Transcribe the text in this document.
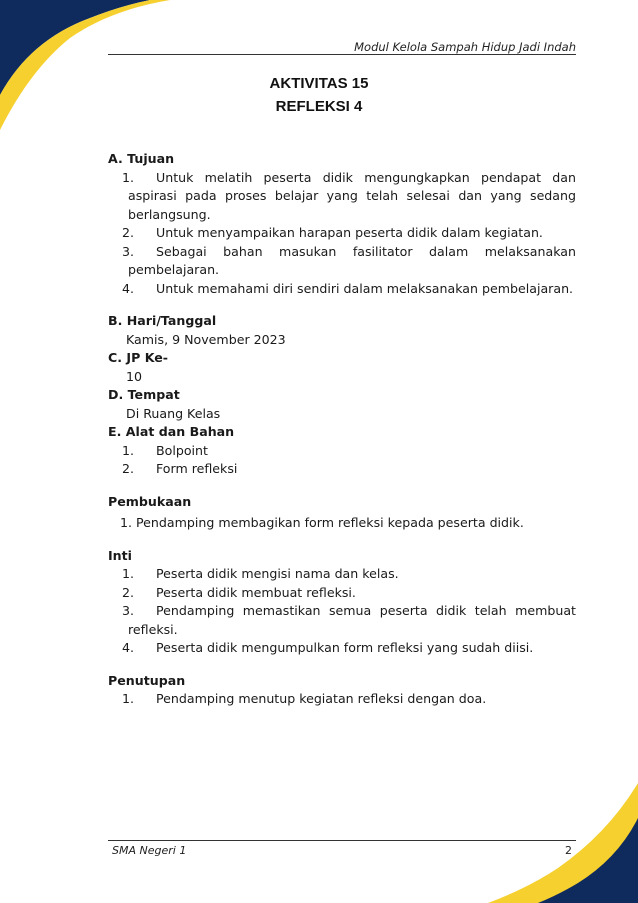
Modul Kelola Sampah Hidup Jadi Indah
AKTIVITAS 15
REFLEKSI 4
A. Tujuan
1.	Untuk melatih peserta didik mengungkapkan pendapat dan
aspirasi pada proses belajar yang telah selesai dan yang sedang
berlangsung.
2.	Untuk menyampaikan harapan peserta didik dalam kegiatan.
3.	Sebagai bahan masukan fasilitator dalam melaksanakan
pembelajaran.
4.	Untuk memahami diri sendiri dalam melaksanakan pembelajaran.
B. Hari/Tanggal
Kamis, 9 November 2023
C. JP Ke-
10
D. Tempat
Di Ruang Kelas
E. Alat dan Bahan
1.	Bolpoint
2.	Form refleksi
Pembukaan
1. Pendamping membagikan form refleksi kepada peserta didik.
Inti
1.	Peserta didik mengisi nama dan kelas.
2.	Peserta didik membuat refleksi.
3.	Pendamping memastikan semua peserta didik telah membuat
refleksi.
4.	Peserta didik mengumpulkan form refleksi yang sudah diisi.
Penutupan
1.	Pendamping menutup kegiatan refleksi dengan doa.
SMA Negeri 1	2
